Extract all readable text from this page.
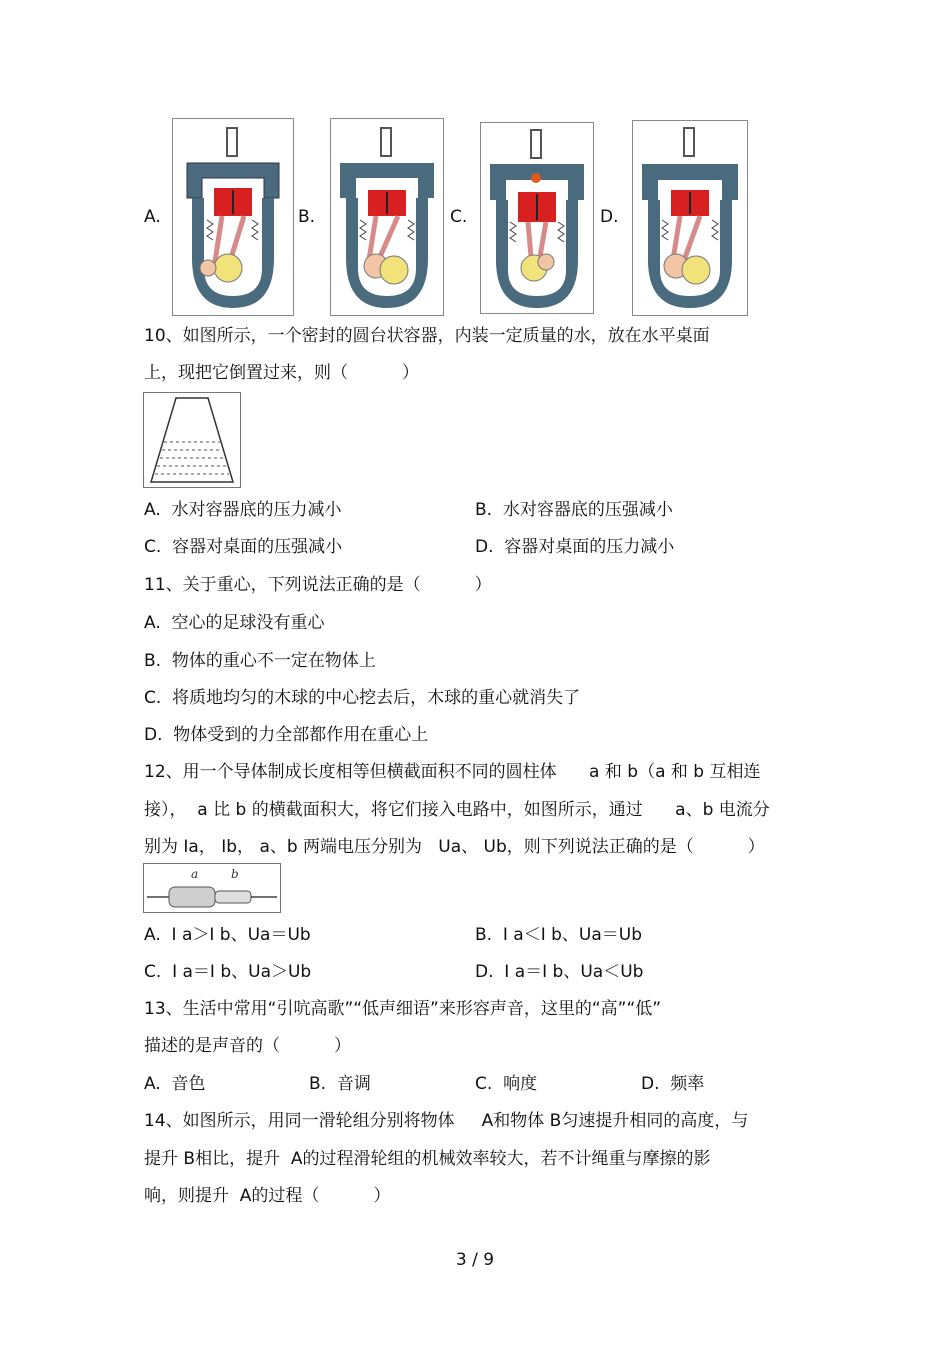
A.	B.	C.	D.
10、如图所示，一个密封的圆台状容器，内装一定质量的水，放在水平桌面
上，现把它倒置过来，则（          ）
A.  水对容器底的压力减小	B.  水对容器底的压强减小
C.  容器对桌面的压强减小	D.  容器对桌面的压力减小
11、关于重心，下列说法正确的是（          ）
A.  空心的足球没有重心
B.  物体的重心不一定在物体上
C.  将质地均匀的木球的中心挖去后，木球的重心就消失了
D.  物体受到的力全部都作用在重心上
12、用一个导体制成长度相等但横截面积不同的圆柱体      a 和 b（a 和 b 互相连
接），  a 比 b 的横截面积大，将它们接入电路中，如图所示，通过      a、b 电流分
别为 Ia， Ib， a、b 两端电压分别为   Ua、 Ub，则下列说法正确的是（          ）
a	b
A.  I a＞I b、Ua＝Ub	B.  I a＜I b、Ua＝Ub
C.  I a＝I b、Ua＞Ub	D.  I a＝I b、Ua＜Ub
13、生活中常用“引吭高歌”“低声细语”来形容声音，这里的“高”“低”
描述的是声音的（          ）
A.  音色	B.  音调	C.  响度	D.  频率
14、如图所示，用同一滑轮组分别将物体     A和物体 B匀速提升相同的高度，与
提升 B相比，提升  A的过程滑轮组的机械效率较大，若不计绳重与摩擦的影
响，则提升  A的过程（          ）
3 / 9
